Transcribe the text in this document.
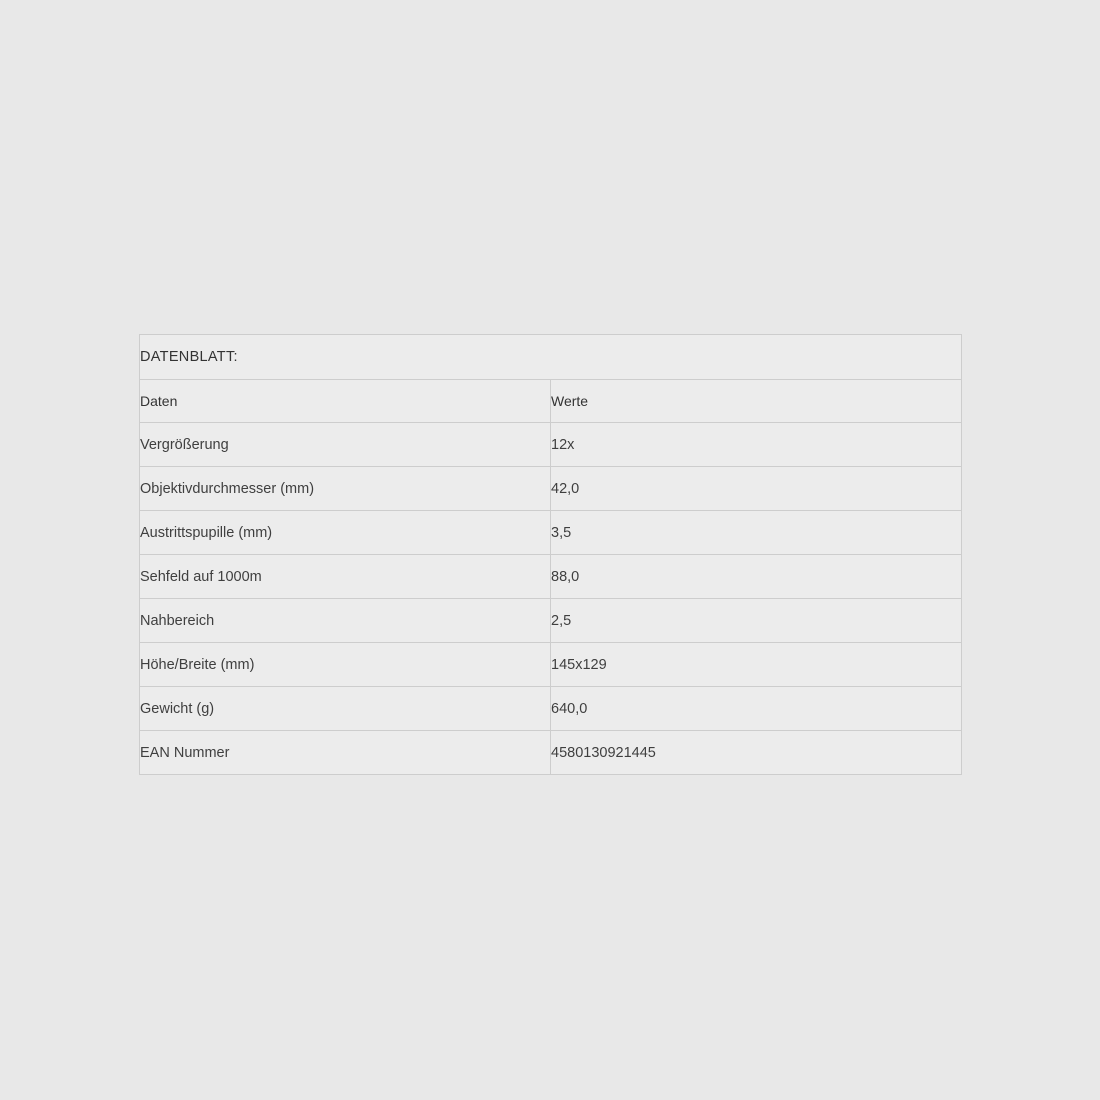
DATENBLATT:	
Daten	Werte
Vergrößerung	12x
Objektivdurchmesser (mm)	42,0
Austrittspupille (mm)	3,5
Sehfeld auf 1000m	88,0
Nahbereich	2,5
Höhe/Breite (mm)	145x129
Gewicht (g)	640,0
EAN Nummer	4580130921445
